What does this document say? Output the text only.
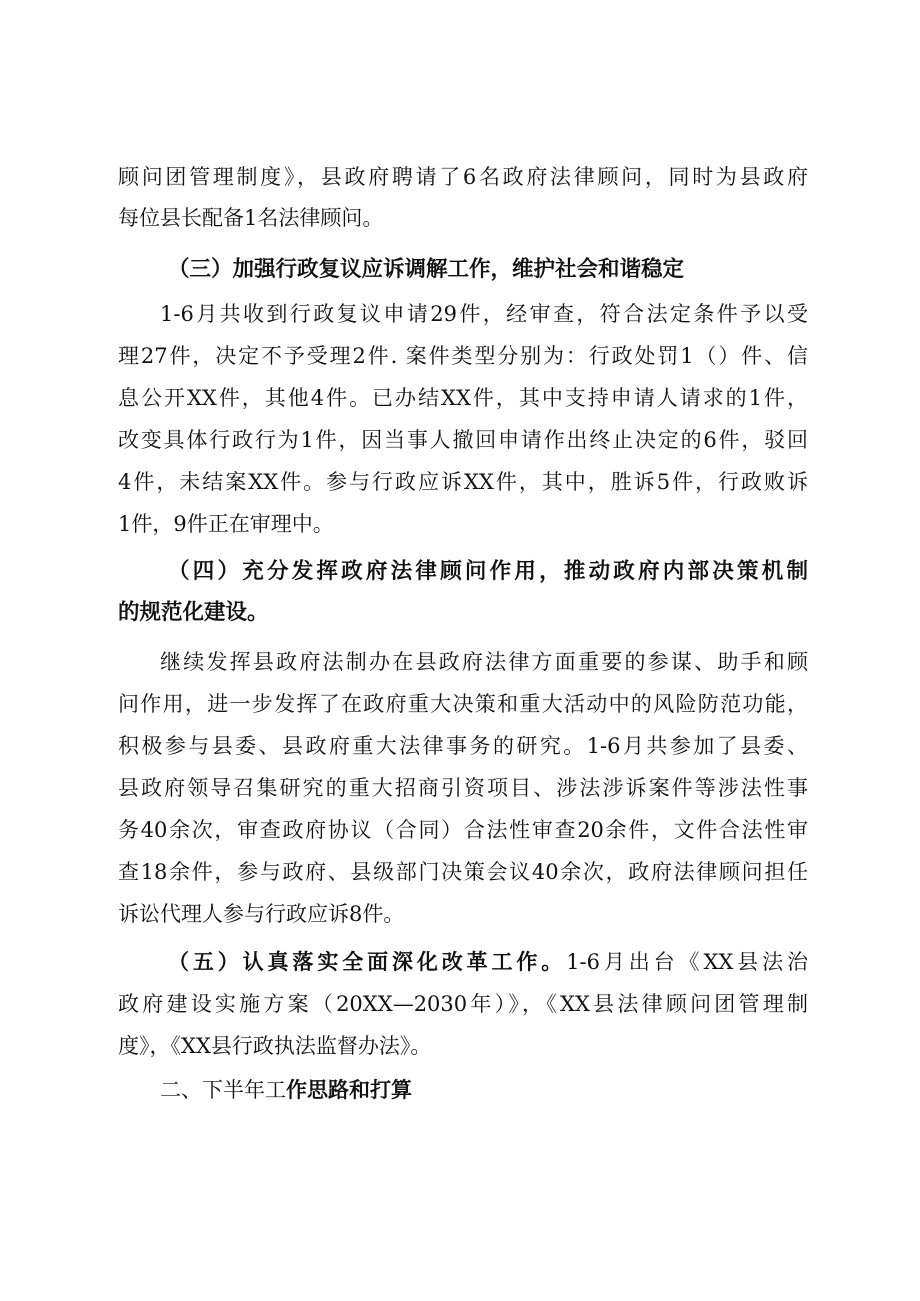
顾问团管理制度》，县政府聘请了6名政府法律顾问，同时为县政府
每位县长配备1名法律顾问。
（三）加强行政复议应诉调解工作，维护社会和谐稳定
1-6月共收到行政复议申请29件，经审查，符合法定条件予以受
理27件，决定不予受理2件. 案件类型分别为：行政处罚1（）件、信
息公开XX件，其他4件。已办结XX件，其中支持申请人请求的1件，
改变具体行政行为1件，因当事人撤回申请作出终止决定的6件，驳回
4件，未结案XX件。参与行政应诉XX件，其中，胜诉5件，行政败诉
1件，9件正在审理中。
（四）充分发挥政府法律顾问作用，推动政府内部决策机制
的规范化建设。
继续发挥县政府法制办在县政府法律方面重要的参谋、助手和顾
问作用，进一步发挥了在政府重大决策和重大活动中的风险防范功能，
积极参与县委、县政府重大法律事务的研究。1-6月共参加了县委、
县政府领导召集研究的重大招商引资项目、涉法涉诉案件等涉法性事
务40余次，审查政府协议（合同）合法性审查20余件，文件合法性审
查18余件，参与政府、县级部门决策会议40余次，政府法律顾问担任
诉讼代理人参与行政应诉8件。
（五）认真落实全面深化改革工作。1-6月出台《XX县法治
政府建设实施方案（20XX—2030年）》，《XX县法律顾问团管理制
度》，《XX县行政执法监督办法》。
二、下半年工作思路和打算
